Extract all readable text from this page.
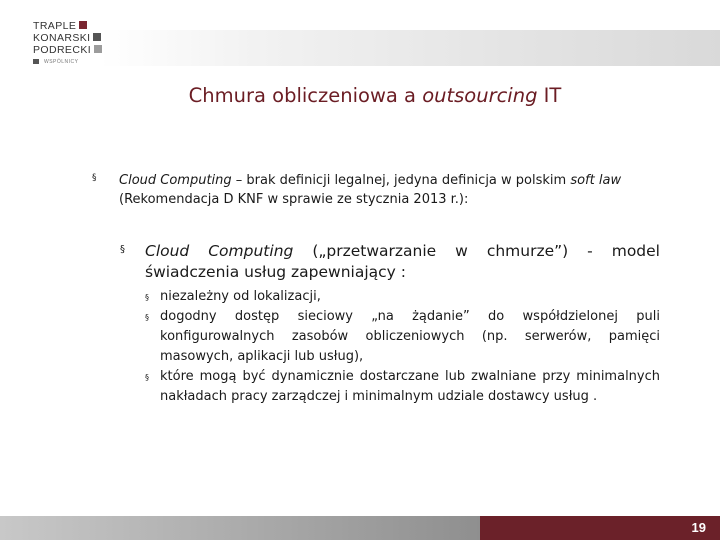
TRAPLE
KONARSKI
PODRECKI
WSPÓLNICY
Chmura obliczeniowa a outsourcing IT
§ Cloud Computing – brak definicji legalnej, jedyna definicja w polskim soft law (Rekomendacja D KNF w sprawie ze stycznia 2013 r.):
§ Cloud Computing („przetwarzanie w chmurze”) - model świadczenia usług zapewniający :
§ niezależny od lokalizacji,
§ dogodny dostęp sieciowy „na żądanie” do współdzielonej puli konfigurowalnych zasobów obliczeniowych (np. serwerów, pamięci masowych, aplikacji lub usług),
§ które mogą być dynamicznie dostarczane lub zwalniane przy minimalnych nakładach pracy zarządczej i minimalnym udziale dostawcy usług .
19
